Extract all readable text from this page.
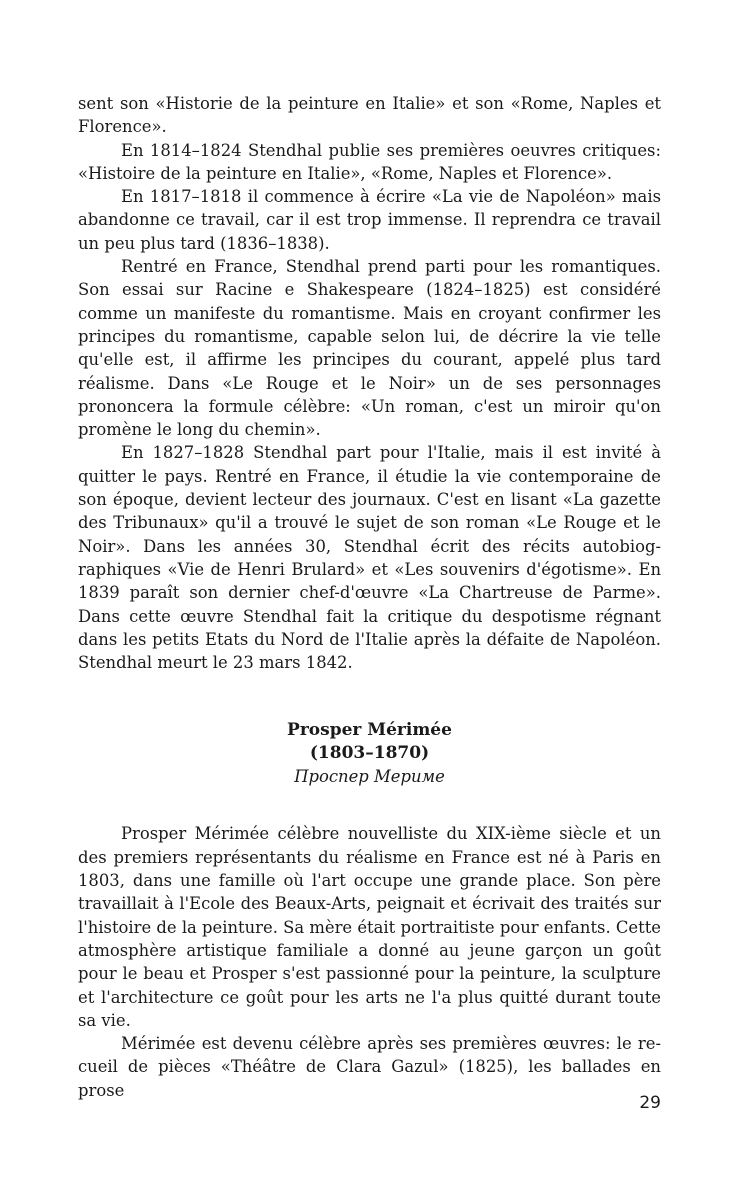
sent son «Historie de la peinture en Italie» et son «Rome, Naples et Florence».

En 1814–1824 Stendhal publie ses premières oeuvres critiques: «Histoire de la peinture en Italie», «Rome, Naples et Florence».

En 1817–1818 il commence à écrire «La vie de Napoléon» mais abandonne ce travail, car il est trop immense. Il reprendra ce travail un peu plus tard (1836–1838).

Rentré en France, Stendhal prend parti pour les romantiques. Son essai sur Racine e Shakespeare (1824–1825) est considéré comme un manifeste du romantisme. Mais en croyant confirmer les principes du romantisme, capable selon lui, de décrire la vie telle qu'elle est, il affirme les principes du courant, appelé plus tard réalisme. Dans «Le Rouge et le Noir» un de ses personnages prononcera la formule célèbre: «Un roman, c'est un miroir qu'on promène le long du chemin».

En 1827–1828 Stendhal part pour l'Italie, mais il est invité à quitter le pays. Rentré en France, il étudie la vie contemporaine de son époque, devient lecteur des journaux. C'est en lisant «La gazette des Tribunaux» qu'il a trouvé le sujet de son roman «Le Rouge et le Noir». Dans les années 30, Stendhal écrit des récits autobiographiques «Vie de Henri Brulard» et «Les souvenirs d'égotisme». En 1839 paraît son dernier chef-d'œuvre «La Chartreuse de Parme». Dans cette œuvre Stendhal fait la critique du despotisme régnant dans les petits Etats du Nord de l'Italie après la défaite de Napoléon. Stendhal meurt le 23 mars 1842.

Prosper Mérimée
(1803–1870)
Проспер Мериме

Prosper Mérimée célèbre nouvelliste du XIX-ième siècle et un des premiers représentants du réalisme en France est né à Paris en 1803, dans une famille où l'art occupe une grande place. Son père travaillait à l'Ecole des Beaux-Arts, peignait et écrivait des traités sur l'histoire de la peinture. Sa mère était portraitiste pour enfants. Cette atmosphère artistique familiale a donné au jeune garçon un goût pour le beau et Prosper s'est passionné pour la peinture, la sculpture et l'architecture ce goût pour les arts ne l'a plus quitté durant toute sa vie.

Mérimée est devenu célèbre après ses premières œuvres: le recueil de pièces «Théâtre de Clara Gazul» (1825), les ballades en prose

29
